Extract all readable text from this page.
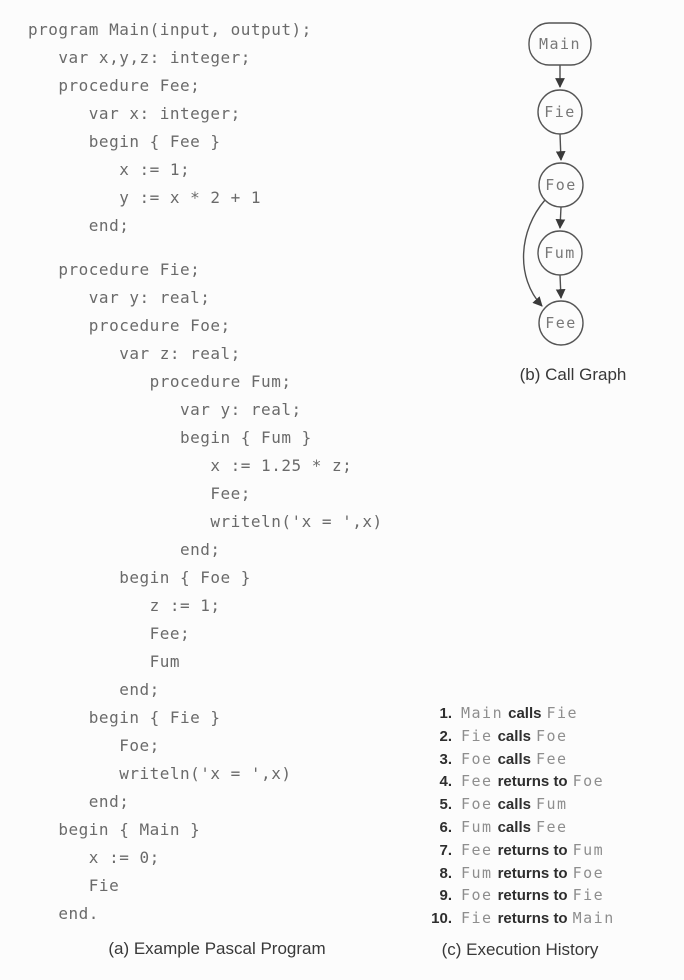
program Main(input, output);
var x,y,z: integer;
procedure Fee;
var x: integer;
begin { Fee }
x := 1;
y := x * 2 + 1
end;
procedure Fie;
var y: real;
procedure Foe;
var z: real;
procedure Fum;
var y: real;
begin { Fum }
x := 1.25 * z;
Fee;
writeln('x = ',x)
end;
begin { Foe }
z := 1;
Fee;
Fum
end;
begin { Fie }
Foe;
writeln('x = ',x)
end;
begin { Main }
x := 0;
Fie
end.
Main
Fie
Foe
Fum
Fee
1. Main calls Fie
2. Fie calls Foe
3. Foe calls Fee
4. Fee returns to Foe
5. Foe calls Fum
6. Fum calls Fee
7. Fee returns to Fum
8. Fum returns to Foe
9. Foe returns to Fie
10. Fie returns to Main
(a) Example Pascal Program
(b) Call Graph
(c) Execution History
